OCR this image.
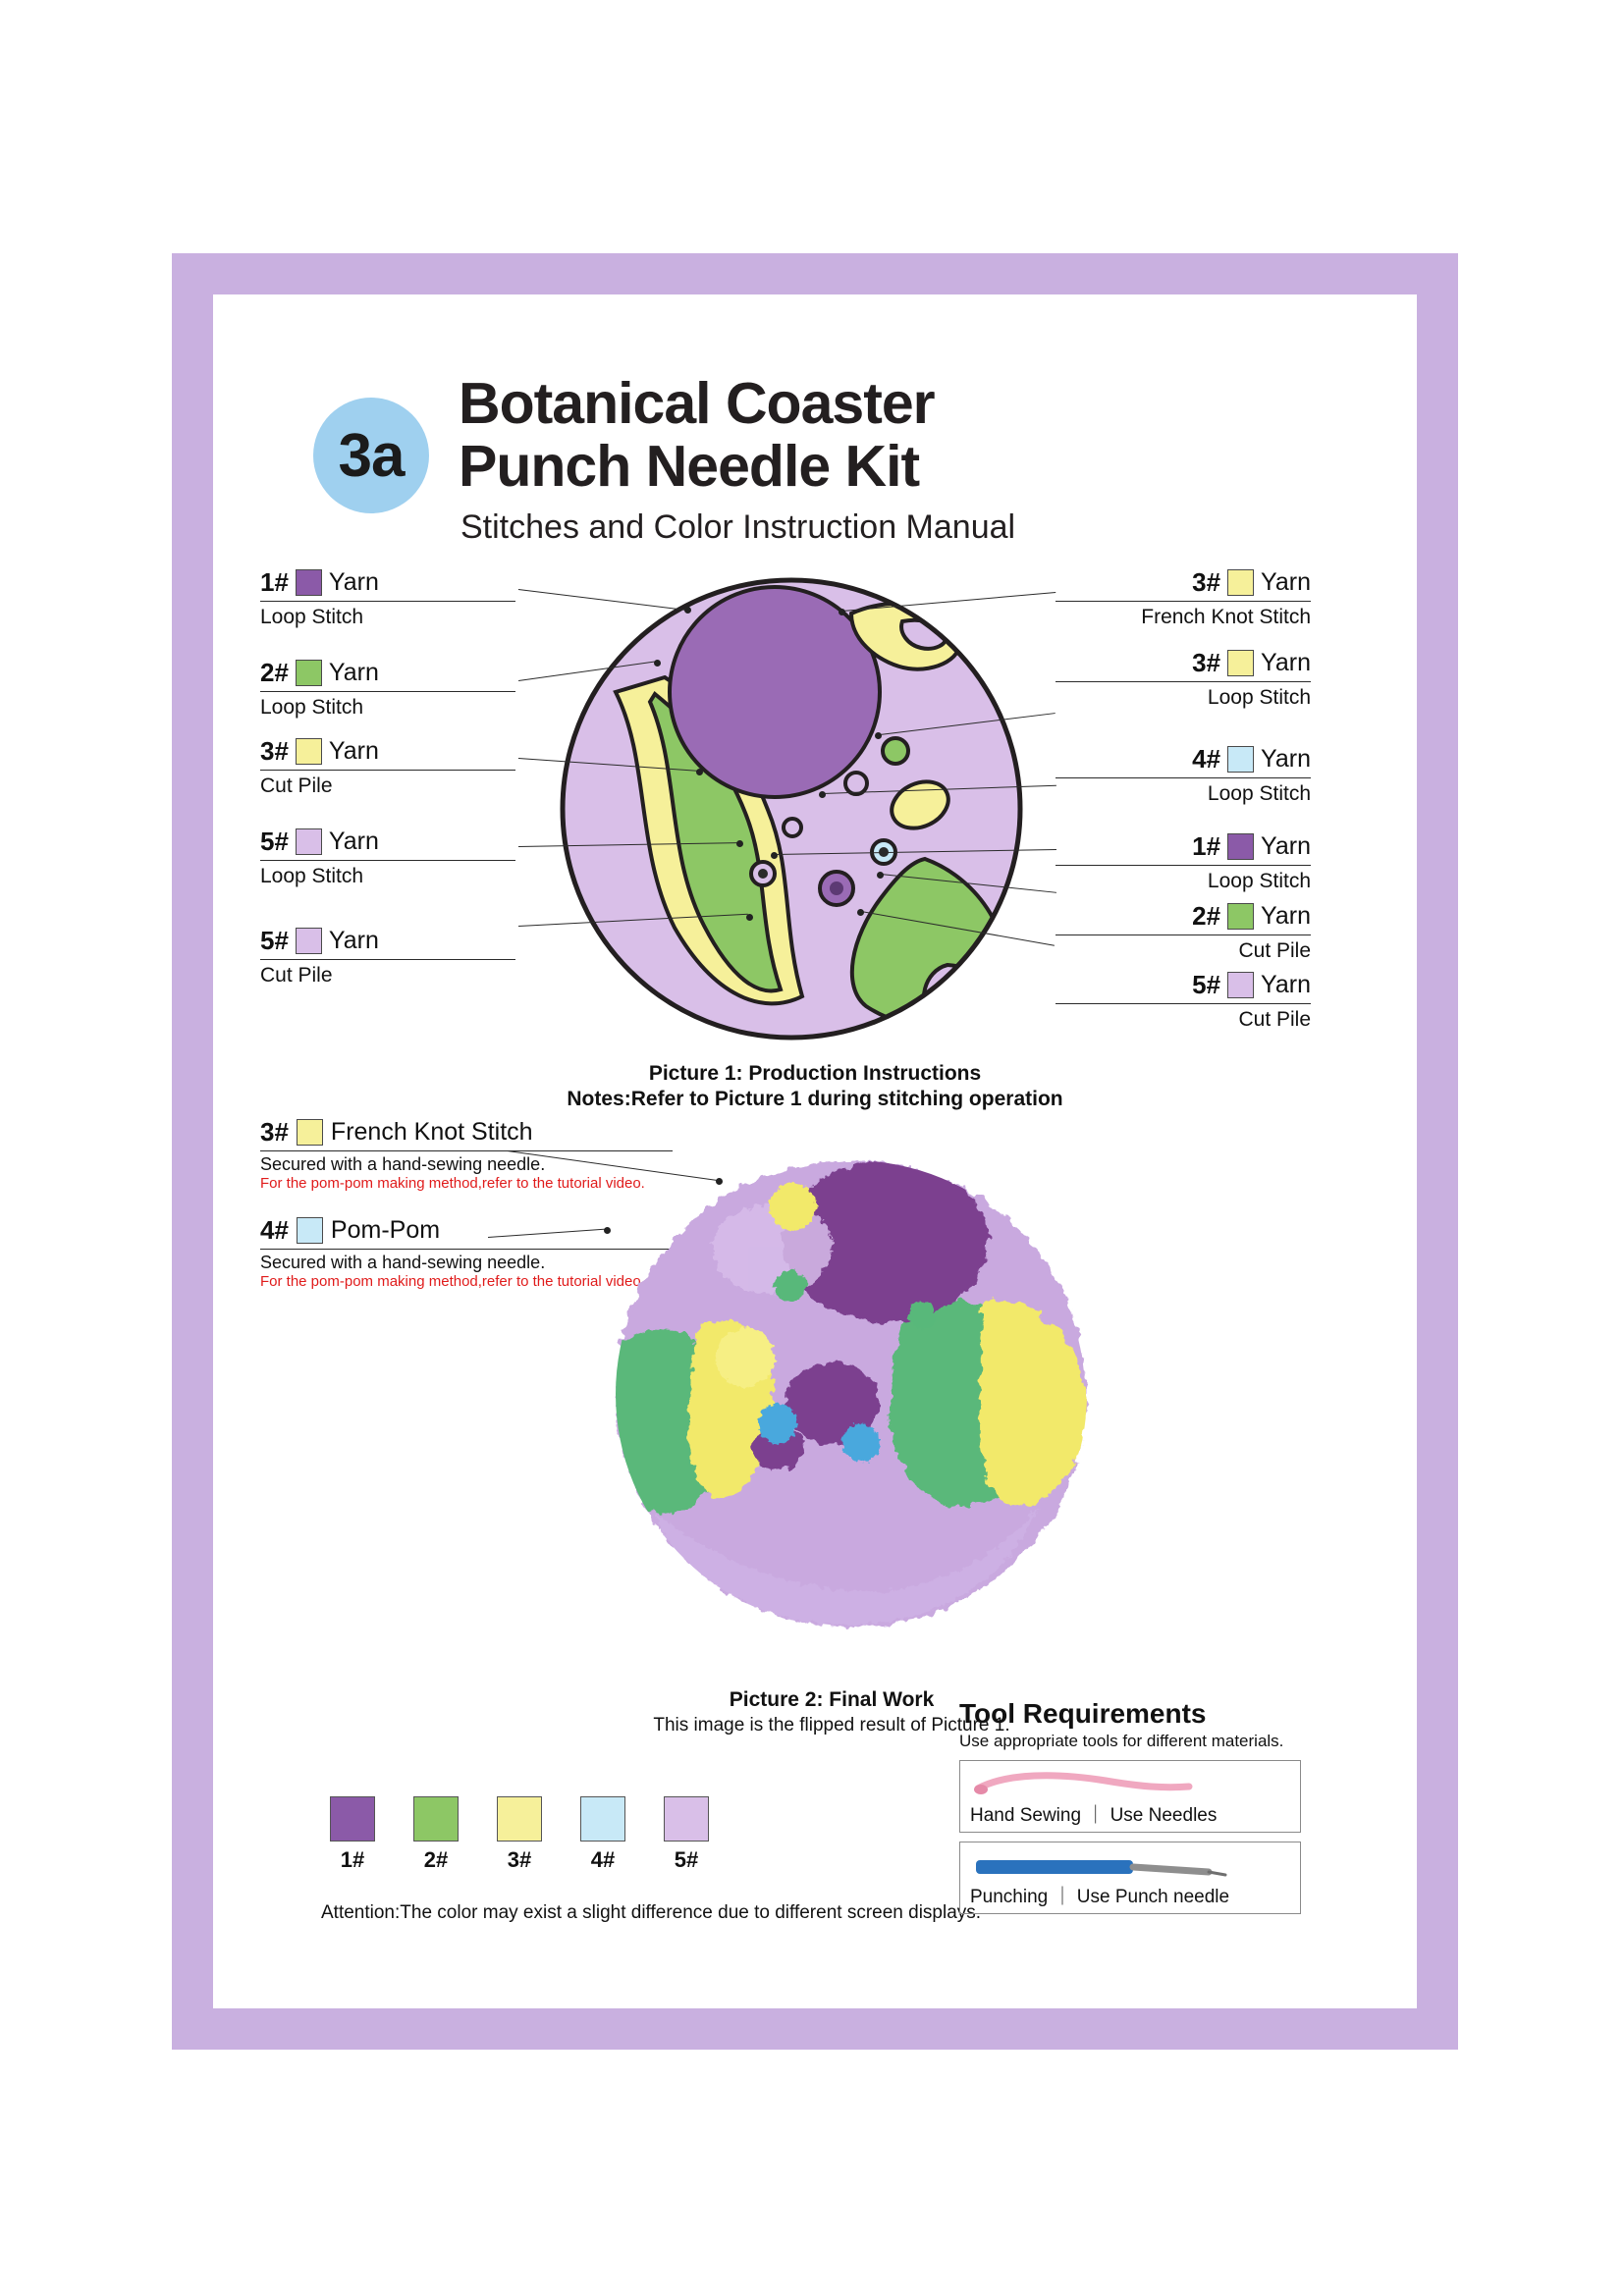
3a
Botanical Coaster
Punch Needle Kit
Stitches and Color Instruction Manual
1# Yarn
Loop Stitch
2# Yarn
Loop Stitch
3# Yarn
Cut Pile
5# Yarn
Loop Stitch
5# Yarn
Cut Pile
3# Yarn
French Knot Stitch
3# Yarn
Loop Stitch
4# Yarn
Loop Stitch
1# Yarn
Loop Stitch
2# Yarn
Cut Pile
5# Yarn
Cut Pile
Picture 1: Production Instructions
Notes:Refer to Picture 1 during stitching operation
3# French Knot Stitch
Secured with a hand-sewing needle.
For the pom-pom making method,refer to the tutorial video.
4# Pom-Pom
Secured with a hand-sewing needle.
For the pom-pom making method,refer to the tutorial video.
Picture 2: Final Work
This image is the flipped result of Picture 1.
1#	2#	3#	4#	5#
Attention:The color may exist a slight difference due to different screen displays.
Tool Requirements
Use appropriate tools for different materials.
Hand Sewing ｜ Use Needles
Punching ｜ Use Punch needle
